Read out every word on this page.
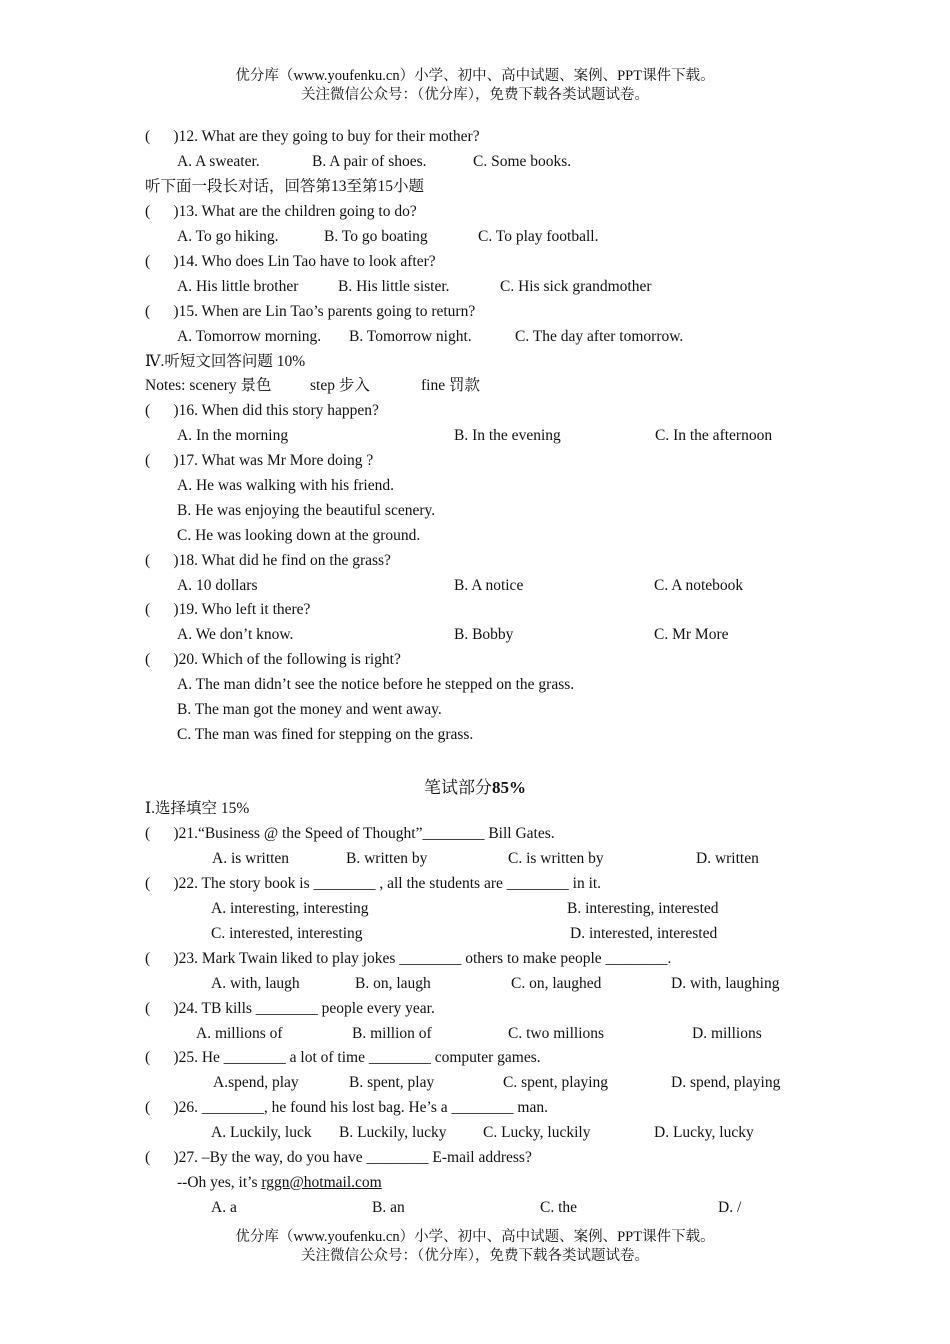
优分库（www.youfenku.cn）小学、初中、高中试题、案例、PPT课件下载。
关注微信公众号：（优分库），免费下载各类试题试卷。
(      )12. What are they going to buy for their mother?
A. A sweater.	B. A pair of shoes.	C. Some books.
听下面一段长对话，回答第13至第15小题
(      )13. What are the children going to do?
A. To go hiking.	B. To go boating	C. To play football.
(      )14. Who does Lin Tao have to look after?
A. His little brother	B. His little sister.	C. His sick grandmother
(      )15. When are Lin Tao’s parents going to return?
A. Tomorrow morning. B. Tomorrow night.	C. The day after tomorrow.
Ⅳ.听短文回答问题 10%
Notes: scenery 景色 step 步入	fine 罚款
(      )16. When did this story happen?
A. In the morning	B. In the evening	C. In the afternoon
(      )17. What was Mr More doing ?
A. He was walking with his friend.
B. He was enjoying the beautiful scenery.
C. He was looking down at the ground.
(      )18. What did he find on the grass?
A. 10 dollars	B. A notice	C. A notebook
(      )19. Who left it there?
A. We don’t know.	B. Bobby	C. Mr More
(      )20. Which of the following is right?
A. The man didn’t see the notice before he stepped on the grass.
B. The man got the money and went away.
C. The man was fined for stepping on the grass.
笔试部分85%
Ⅰ.选择填空 15%
(      )21.“Business @ the Speed of Thought”________ Bill Gates.
A. is written	B. written by	C. is written by	D. written
(      )22. The story book is ________ , all the students are ________ in it.
A. interesting, interesting	B. interesting, interested
C. interested, interesting	D. interested, interested
(      )23. Mark Twain liked to play jokes ________ others to make people ________.
A. with, laugh	B. on, laugh	C. on, laughed	D. with, laughing
(      )24. TB kills ________ people every year.
A. millions of	B. million of	C. two millions	D. millions
(      )25. He ________ a lot of time ________ computer games.
A.spend, play	B. spent, play	C. spent, playing	D. spend, playing
(      )26. ________, he found his lost bag. He’s a ________ man.
A. Luckily, luck B. Luckily, lucky C. Lucky, luckily	D. Lucky, lucky
(      )27. –By the way, do you have ________ E-mail address?
--Oh yes, it’s rggn@hotmail.com
A. a	B. an	C. the	D. /
优分库（www.youfenku.cn）小学、初中、高中试题、案例、PPT课件下载。
关注微信公众号：（优分库），免费下载各类试题试卷。
